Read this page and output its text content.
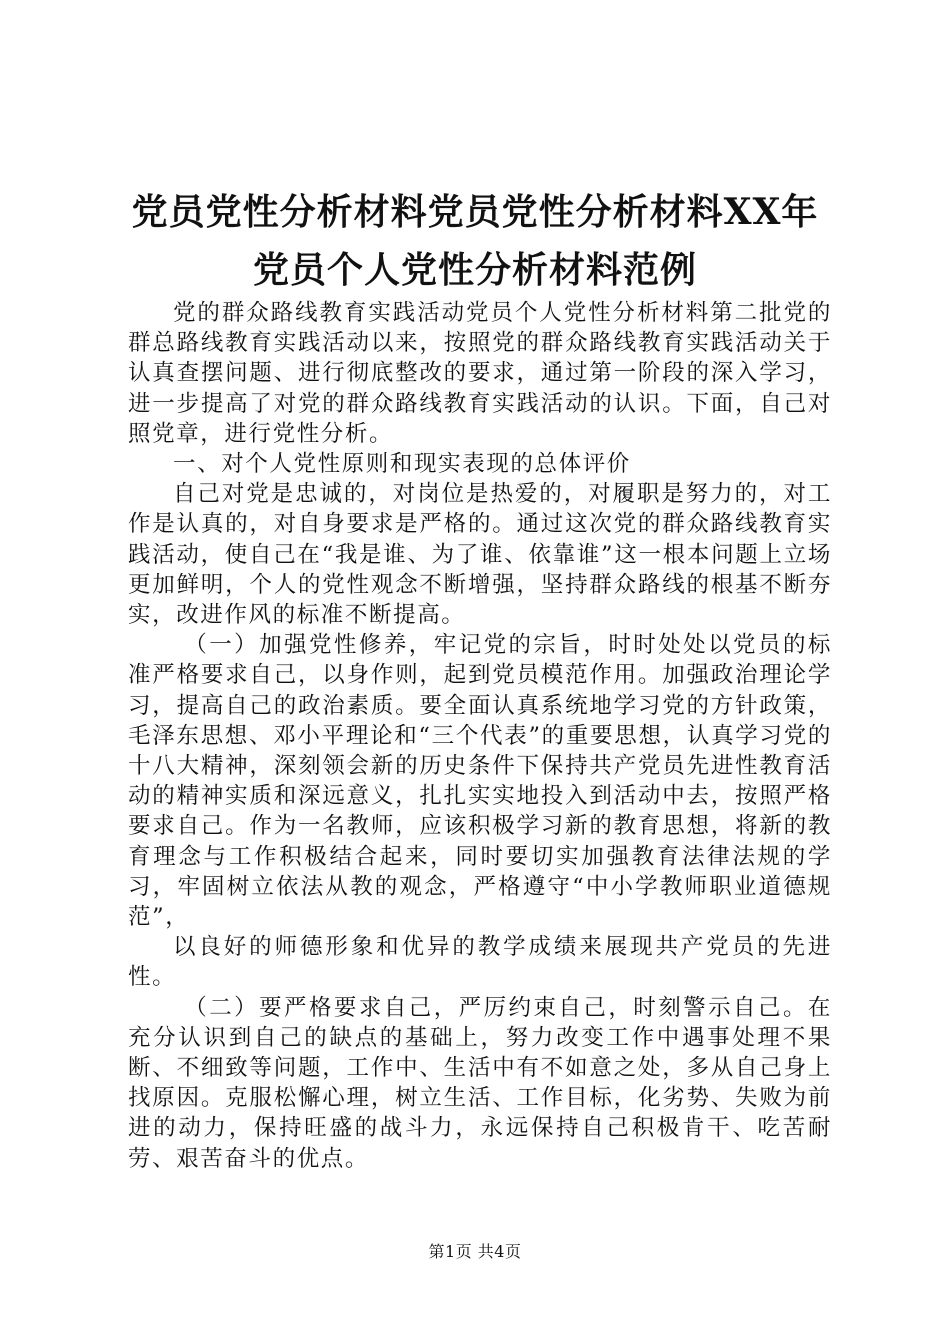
党员党性分析材料党员党性分析材料XX年党员个人党性分析材料范例

党的群众路线教育实践活动党员个人党性分析材料第二批党的群总路线教育实践活动以来，按照党的群众路线教育实践活动关于认真查摆问题、进行彻底整改的要求，通过第一阶段的深入学习，进一步提高了对党的群众路线教育实践活动的认识。下面，自己对照党章，进行党性分析。

一、对个人党性原则和现实表现的总体评价

自己对党是忠诚的，对岗位是热爱的，对履职是努力的，对工作是认真的，对自身要求是严格的。通过这次党的群众路线教育实践活动，使自己在“我是谁、为了谁、依靠谁”这一根本问题上立场更加鲜明，个人的党性观念不断增强，坚持群众路线的根基不断夯实，改进作风的标准不断提高。

（一）加强党性修养，牢记党的宗旨，时时处处以党员的标准严格要求自己，以身作则，起到党员模范作用。加强政治理论学习，提高自己的政治素质。要全面认真系统地学习党的方针政策，毛泽东思想、邓小平理论和“三个代表”的重要思想，认真学习党的十八大精神，深刻领会新的历史条件下保持共产党员先进性教育活动的精神实质和深远意义，扎扎实实地投入到活动中去，按照严格要求自己。作为一名教师，应该积极学习新的教育思想，将新的教育理念与工作积极结合起来，同时要切实加强教育法律法规的学习，牢固树立依法从教的观念，严格遵守“中小学教师职业道德规范”，

以良好的师德形象和优异的教学成绩来展现共产党员的先进性。

（二）要严格要求自己，严厉约束自己，时刻警示自己。在充分认识到自己的缺点的基础上，努力改变工作中遇事处理不果断、不细致等问题，工作中、生活中有不如意之处，多从自己身上找原因。克服松懈心理，树立生活、工作目标，化劣势、失败为前进的动力，保持旺盛的战斗力，永远保持自己积极肯干、吃苦耐劳、艰苦奋斗的优点。

第1页 共4页
